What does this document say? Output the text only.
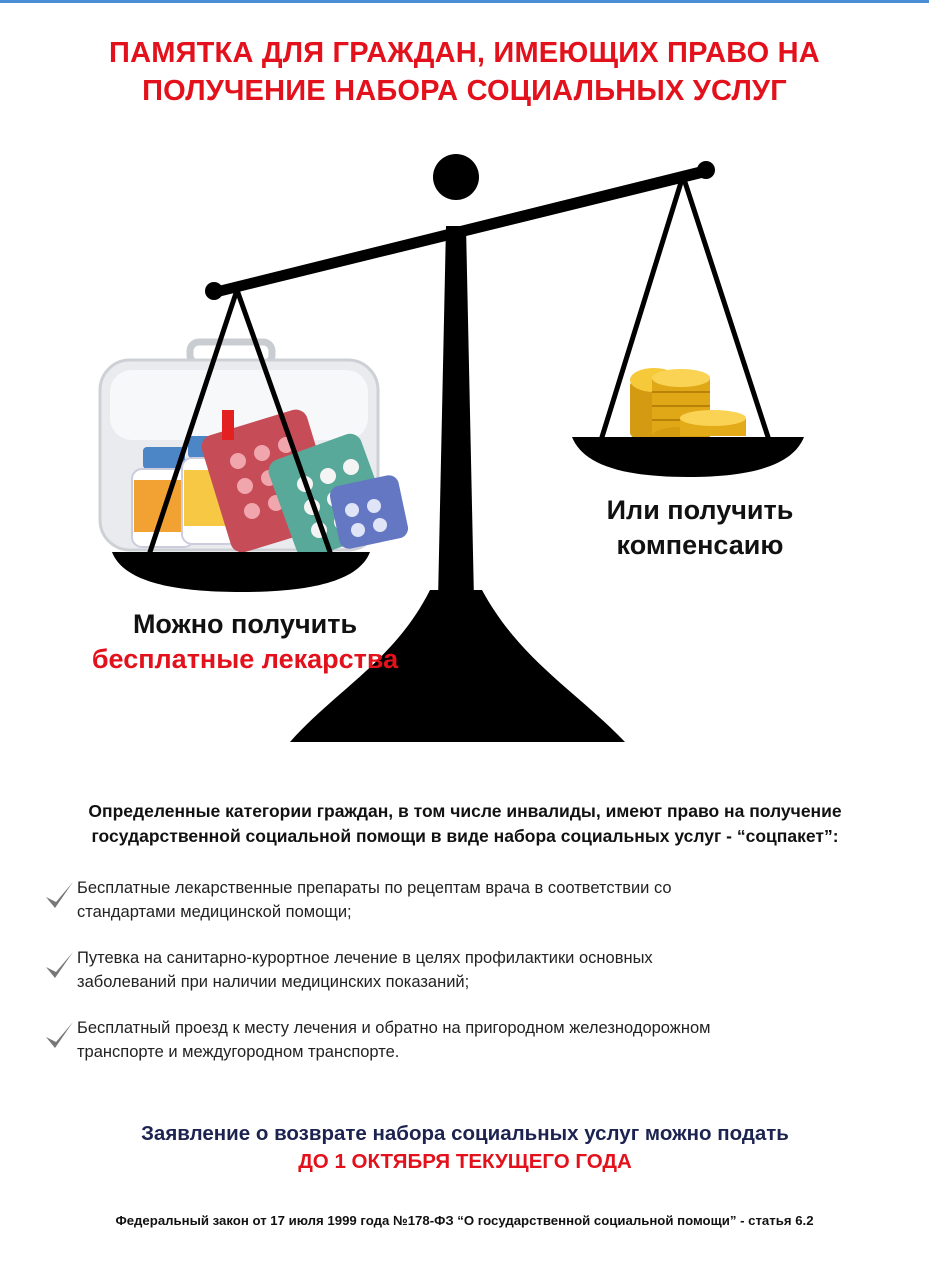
ПАМЯТКА ДЛЯ ГРАЖДАН, ИМЕЮЩИХ ПРАВО НА
ПОЛУЧЕНИЕ НАБОРА СОЦИАЛЬНЫХ УСЛУГ
Можно получить
бесплатные лекарства
Или получить
компенсаию
Определенные категории граждан, в том числе инвалиды, имеют право на получение
государственной социальной помощи в виде набора социальных услуг - “соцпакет”:
Бесплатные лекарственные препараты по рецептам врача в соответствии со
стандартами медицинской помощи;
Путевка на санитарно-курортное лечение в целях профилактики основных
заболеваний при наличии медицинских показаний;
Бесплатный проезд к месту лечения и обратно на пригородном железнодорожном
транспорте и междугородном транспорте.
Заявление о возврате набора социальных услуг можно подать
ДО 1 ОКТЯБРЯ ТЕКУЩЕГО ГОДА
Федеральный закон от 17 июля 1999 года №178-ФЗ “О государственной социальной помощи” - статья 6.2
